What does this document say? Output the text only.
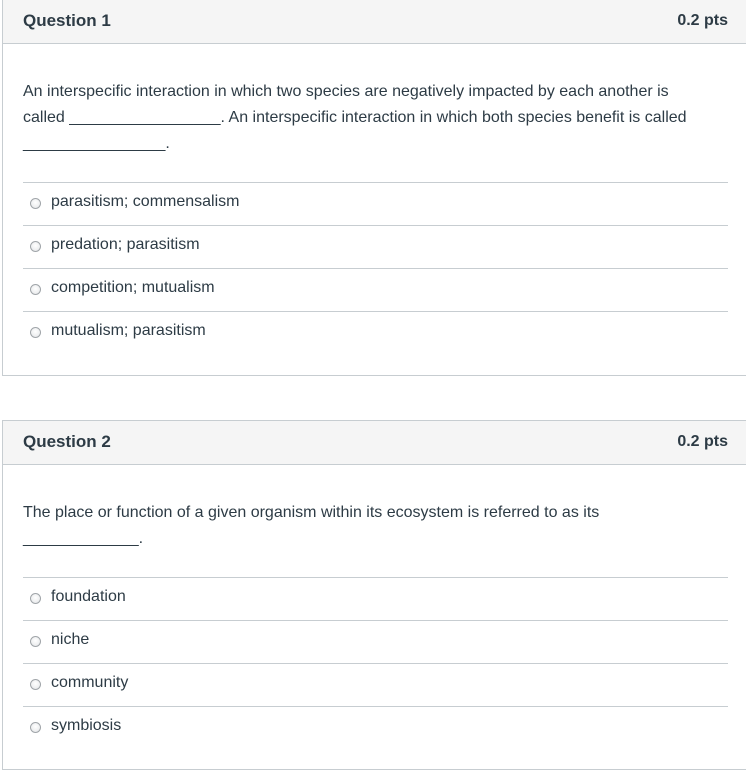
Question 1	0.2 pts
An interspecific interaction in which two species are negatively impacted by each another is called _________________. An interspecific interaction in which both species benefit is called ________________.
parasitism; commensalism
predation; parasitism
competition; mutualism
mutualism; parasitism
Question 2	0.2 pts
The place or function of a given organism within its ecosystem is referred to as its _____________.
foundation
niche
community
symbiosis
